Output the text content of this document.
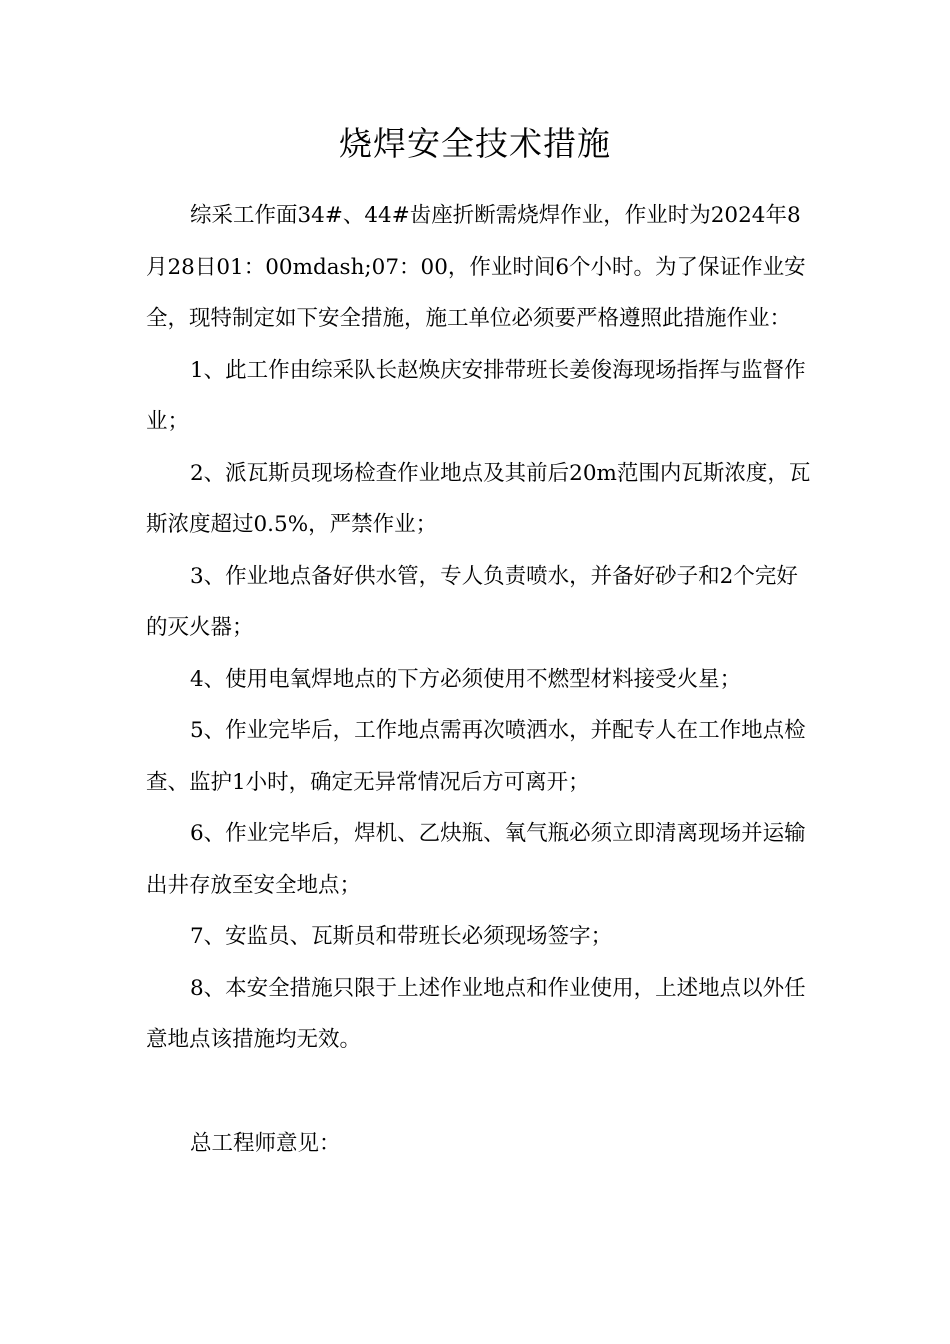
烧焊安全技术措施

综采工作面34#、44#齿座折断需烧焊作业，作业时为2024年8月28日01：00mdash;07：00，作业时间6个小时。为了保证作业安全，现特制定如下安全措施，施工单位必须要严格遵照此措施作业：

1、此工作由综采队长赵焕庆安排带班长姜俊海现场指挥与监督作业；

2、派瓦斯员现场检查作业地点及其前后20m范围内瓦斯浓度，瓦斯浓度超过0.5%，严禁作业；

3、作业地点备好供水管，专人负责喷水，并备好砂子和2个完好的灭火器；

4、使用电氧焊地点的下方必须使用不燃型材料接受火星；

5、作业完毕后，工作地点需再次喷洒水，并配专人在工作地点检查、监护1小时，确定无异常情况后方可离开；

6、作业完毕后，焊机、乙炔瓶、氧气瓶必须立即清离现场并运输出井存放至安全地点；

7、安监员、瓦斯员和带班长必须现场签字；

8、本安全措施只限于上述作业地点和作业使用，上述地点以外任意地点该措施均无效。

总工程师意见：
